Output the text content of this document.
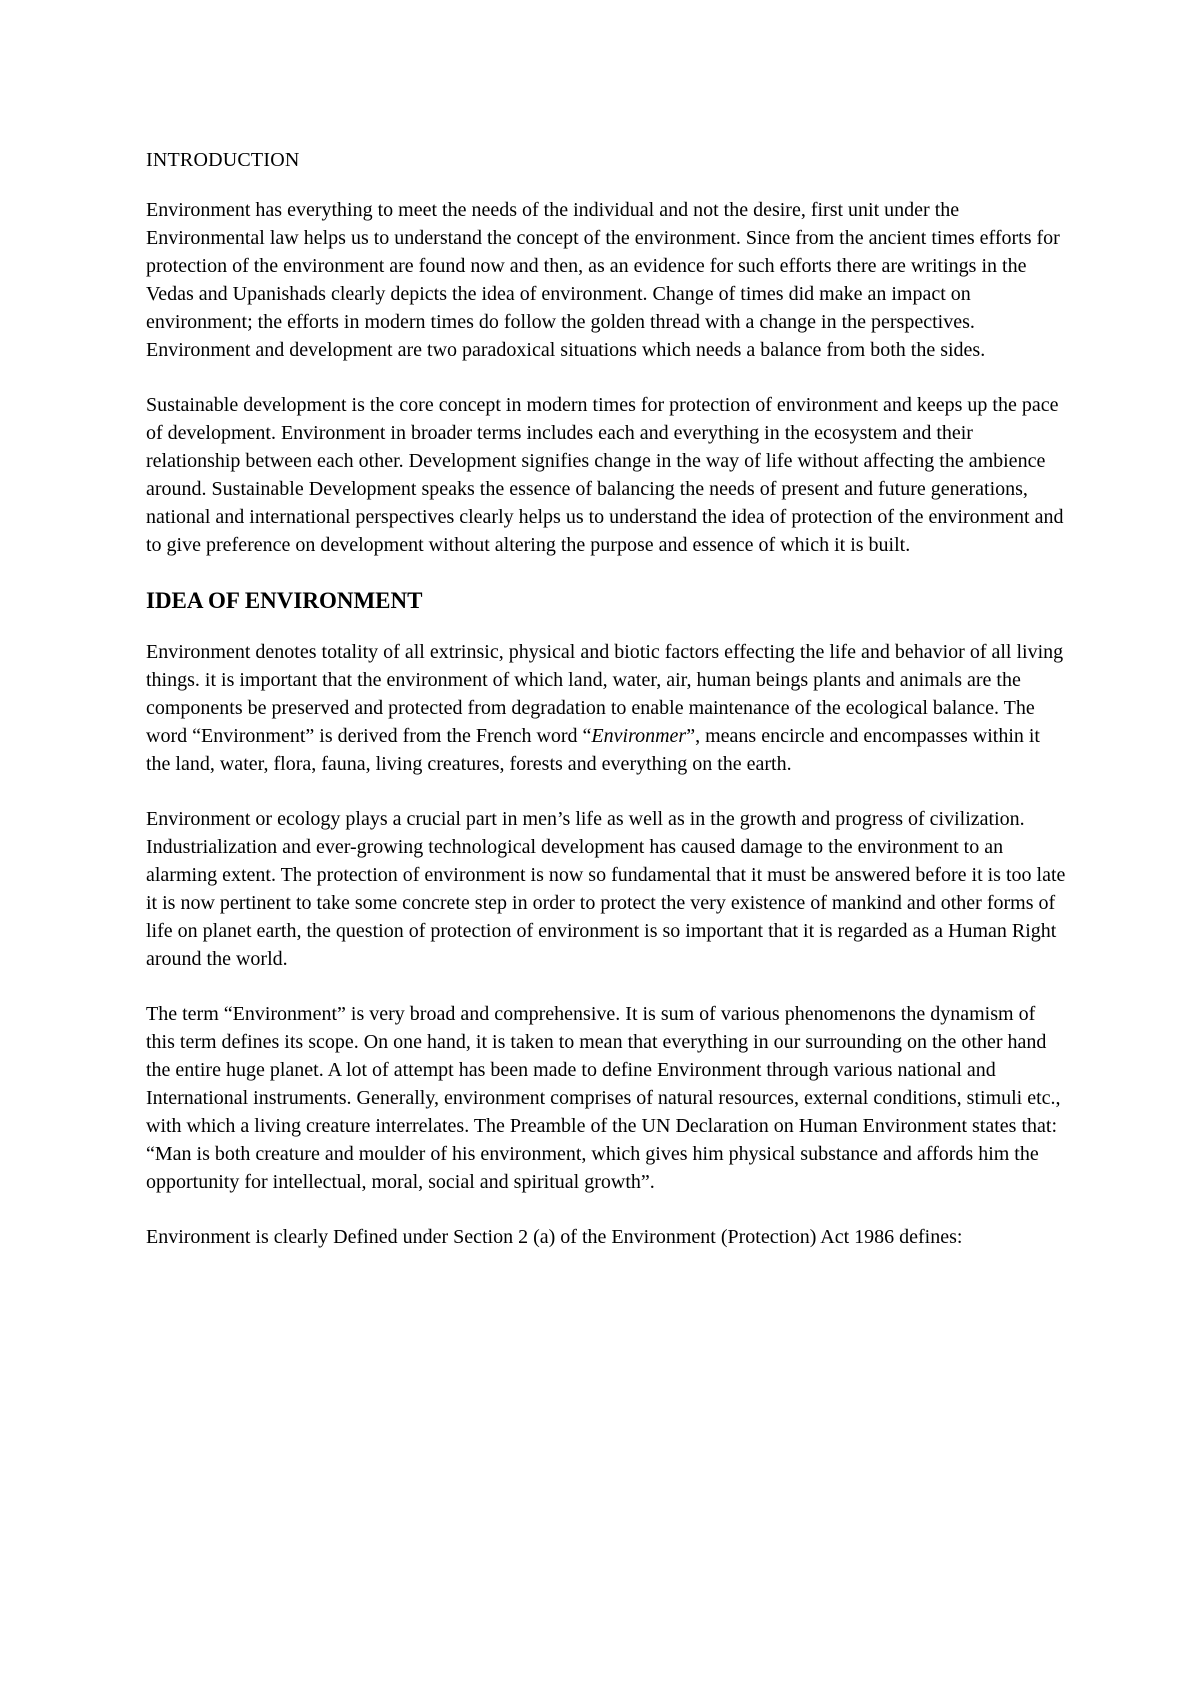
INTRODUCTION

Environment has everything to meet the needs of the individual and not the desire, first unit under the Environmental law helps us to understand the concept of the environment. Since from the ancient times efforts for protection of the environment are found now and then, as an evidence for such efforts there are writings in the Vedas and Upanishads clearly depicts the idea of environment. Change of times did make an impact on environment; the efforts in modern times do follow the golden thread with a change in the perspectives. Environment and development are two paradoxical situations which needs a balance from both the sides.

Sustainable development is the core concept in modern times for protection of environment and keeps up the pace of development. Environment in broader terms includes each and everything in the ecosystem and their relationship between each other. Development signifies change in the way of life without affecting the ambience around. Sustainable Development speaks the essence of balancing the needs of present and future generations, national and international perspectives clearly helps us to understand the idea of protection of the environment and to give preference on development without altering the purpose and essence of which it is built.

IDEA OF ENVIRONMENT

Environment denotes totality of all extrinsic, physical and biotic factors effecting the life and behavior of all living things. it is important that the environment of which land, water, air, human beings plants and animals are the components be preserved and protected from degradation to enable maintenance of the ecological balance. The word “Environment” is derived from the French word “Environmer”, means encircle and encompasses within it the land, water, flora, fauna, living creatures, forests and everything on the earth.

Environment or ecology plays a crucial part in men’s life as well as in the growth and progress of civilization. Industrialization and ever-growing technological development has caused damage to the environment to an alarming extent. The protection of environment is now so fundamental that it must be answered before it is too late it is now pertinent to take some concrete step in order to protect the very existence of mankind and other forms of life on planet earth, the question of protection of environment is so important that it is regarded as a Human Right around the world.

The term “Environment” is very broad and comprehensive. It is sum of various phenomenons the dynamism of this term defines its scope. On one hand, it is taken to mean that everything in our surrounding on the other hand the entire huge planet. A lot of attempt has been made to define Environment through various national and International instruments. Generally, environment comprises of natural resources, external conditions, stimuli etc., with which a living creature interrelates. The Preamble of the UN Declaration on Human Environment states that: “Man is both creature and moulder of his environment, which gives him physical substance and affords him the opportunity for intellectual, moral, social and spiritual growth”.

Environment is clearly Defined under Section 2 (a) of the Environment (Protection) Act 1986 defines:
